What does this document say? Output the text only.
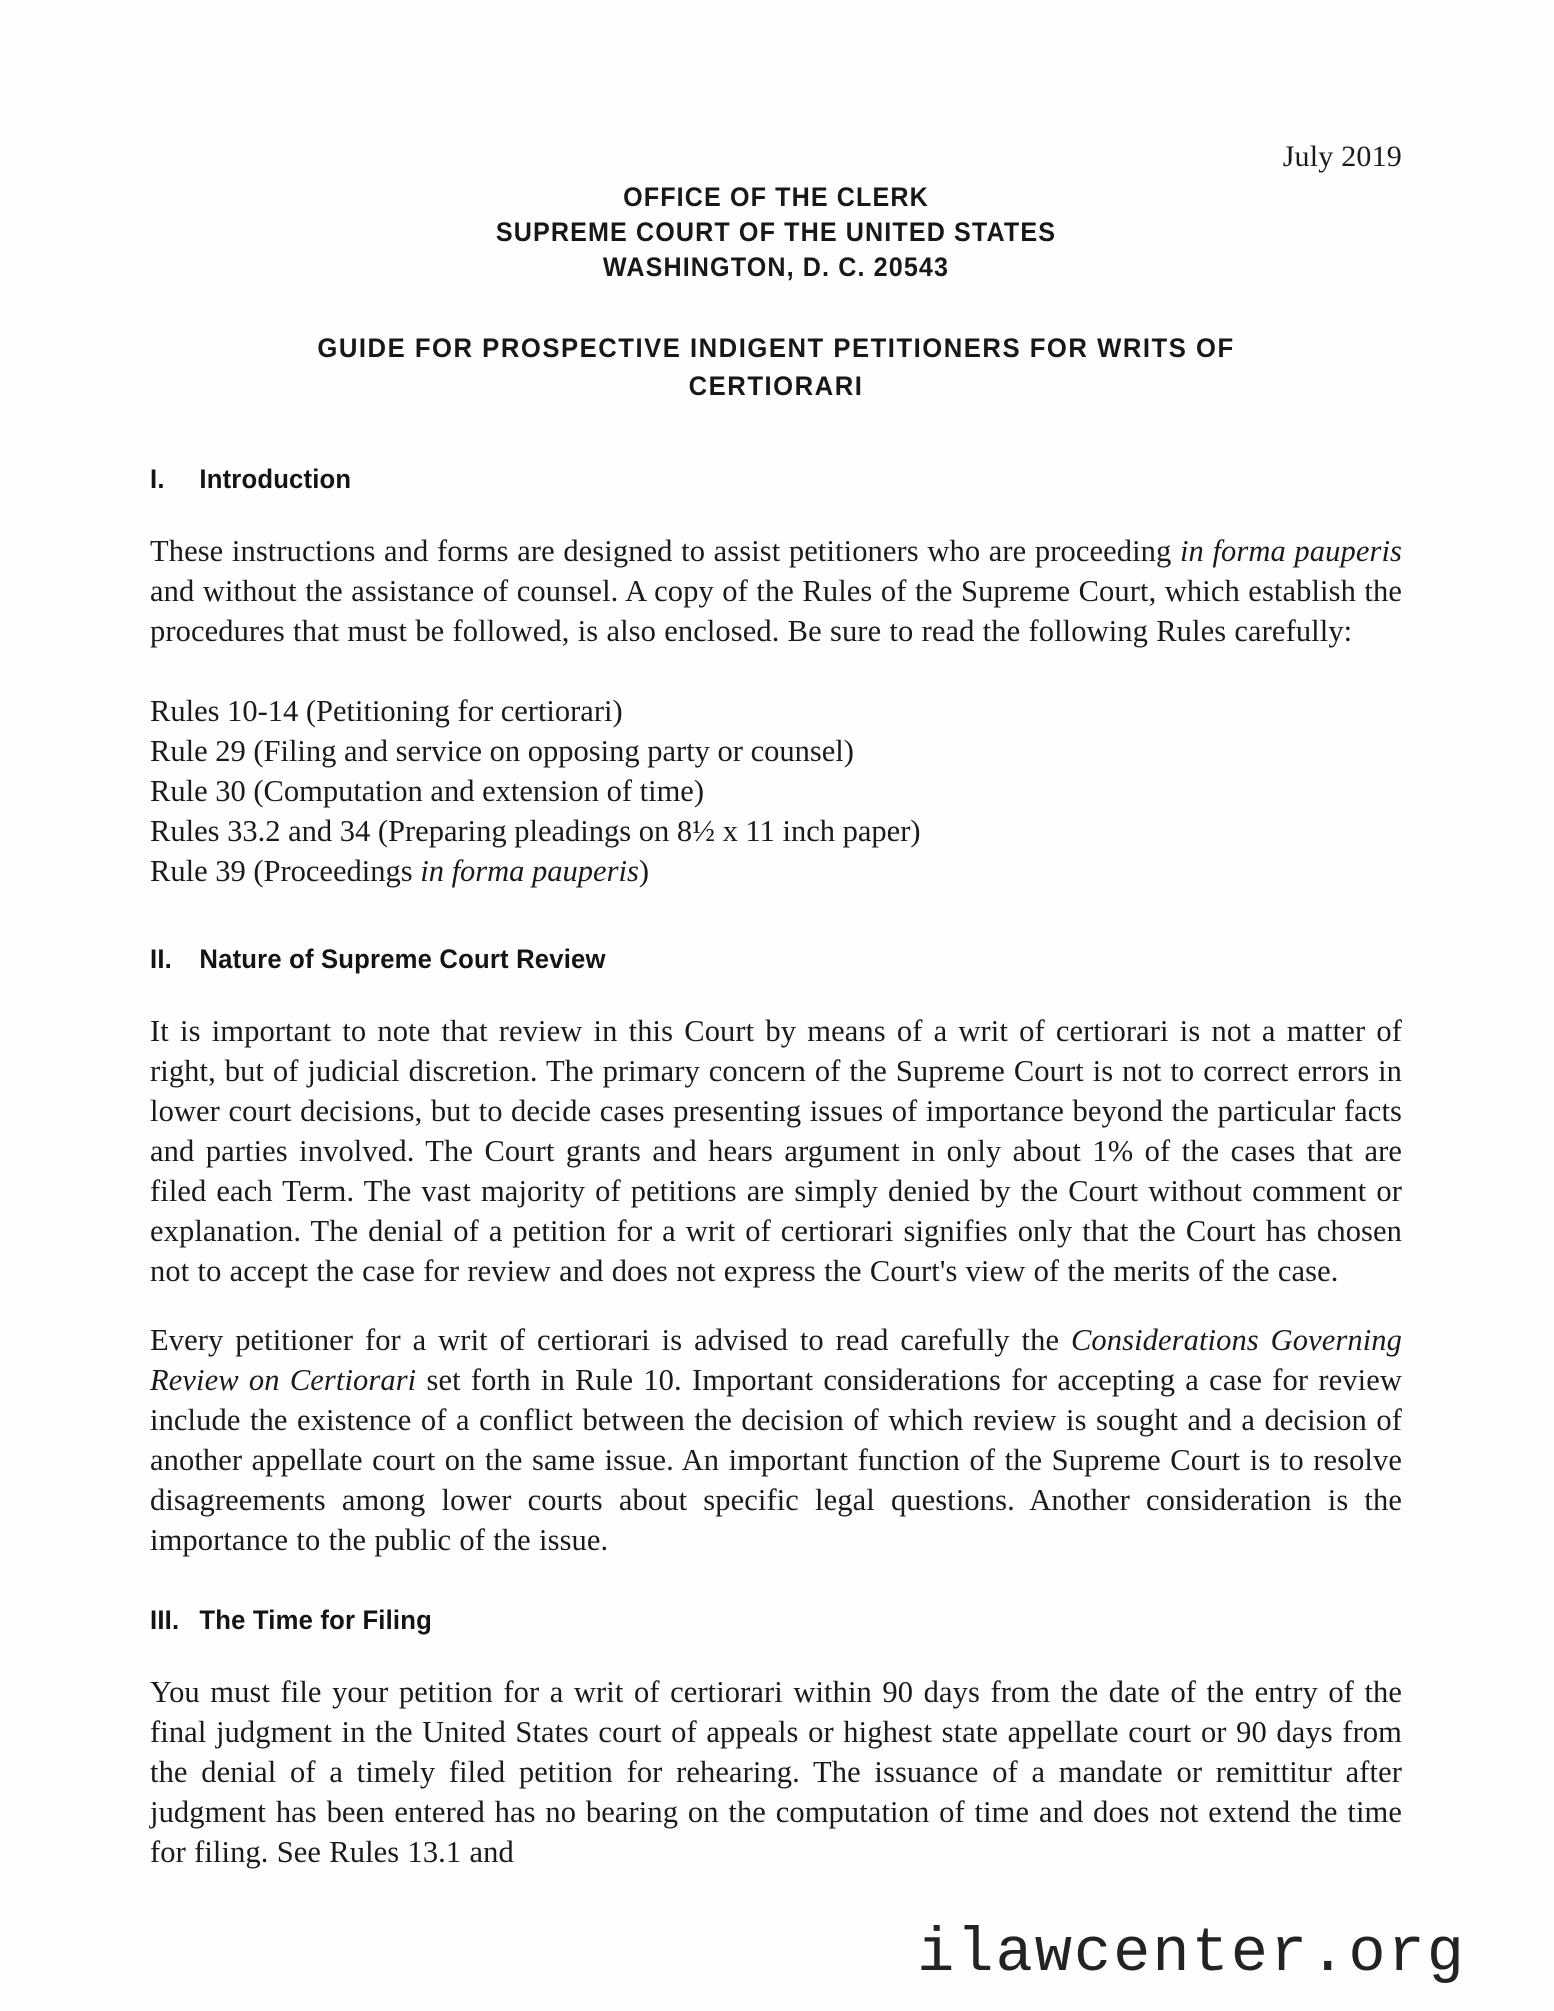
July 2019
OFFICE OF THE CLERK
SUPREME COURT OF THE UNITED STATES
WASHINGTON, D. C. 20543
GUIDE FOR PROSPECTIVE INDIGENT PETITIONERS FOR WRITS OF
CERTIORARI
I.	Introduction

These instructions and forms are designed to assist petitioners who are proceeding in forma pauperis and without the assistance of counsel. A copy of the Rules of the Supreme Court, which establish the procedures that must be followed, is also enclosed. Be sure to read the following Rules carefully:

Rules 10-14 (Petitioning for certiorari)
Rule 29 (Filing and service on opposing party or counsel)
Rule 30 (Computation and extension of time)
Rules 33.2 and 34 (Preparing pleadings on 8½ x 11 inch paper)
Rule 39 (Proceedings in forma pauperis)
II.	Nature of Supreme Court Review

It is important to note that review in this Court by means of a writ of certiorari is not a matter of right, but of judicial discretion. The primary concern of the Supreme Court is not to correct errors in lower court decisions, but to decide cases presenting issues of importance beyond the particular facts and parties involved. The Court grants and hears argument in only about 1% of the cases that are filed each Term. The vast majority of petitions are simply denied by the Court without comment or explanation. The denial of a petition for a writ of certiorari signifies only that the Court has chosen not to accept the case for review and does not express the Court's view of the merits of the case.

Every petitioner for a writ of certiorari is advised to read carefully the Considerations Governing Review on Certiorari set forth in Rule 10. Important considerations for accepting a case for review include the existence of a conflict between the decision of which review is sought and a decision of another appellate court on the same issue. An important function of the Supreme Court is to resolve disagreements among lower courts about specific legal questions. Another consideration is the importance to the public of the issue.

III. The Time for Filing

You must file your petition for a writ of certiorari within 90 days from the date of the entry of the final judgment in the United States court of appeals or highest state appellate court or 90 days from the denial of a timely filed petition for rehearing. The issuance of a mandate or remittitur after judgment has been entered has no bearing on the computation of time and does not extend the time for filing. See Rules 13.1 and

ilawcenter.org
